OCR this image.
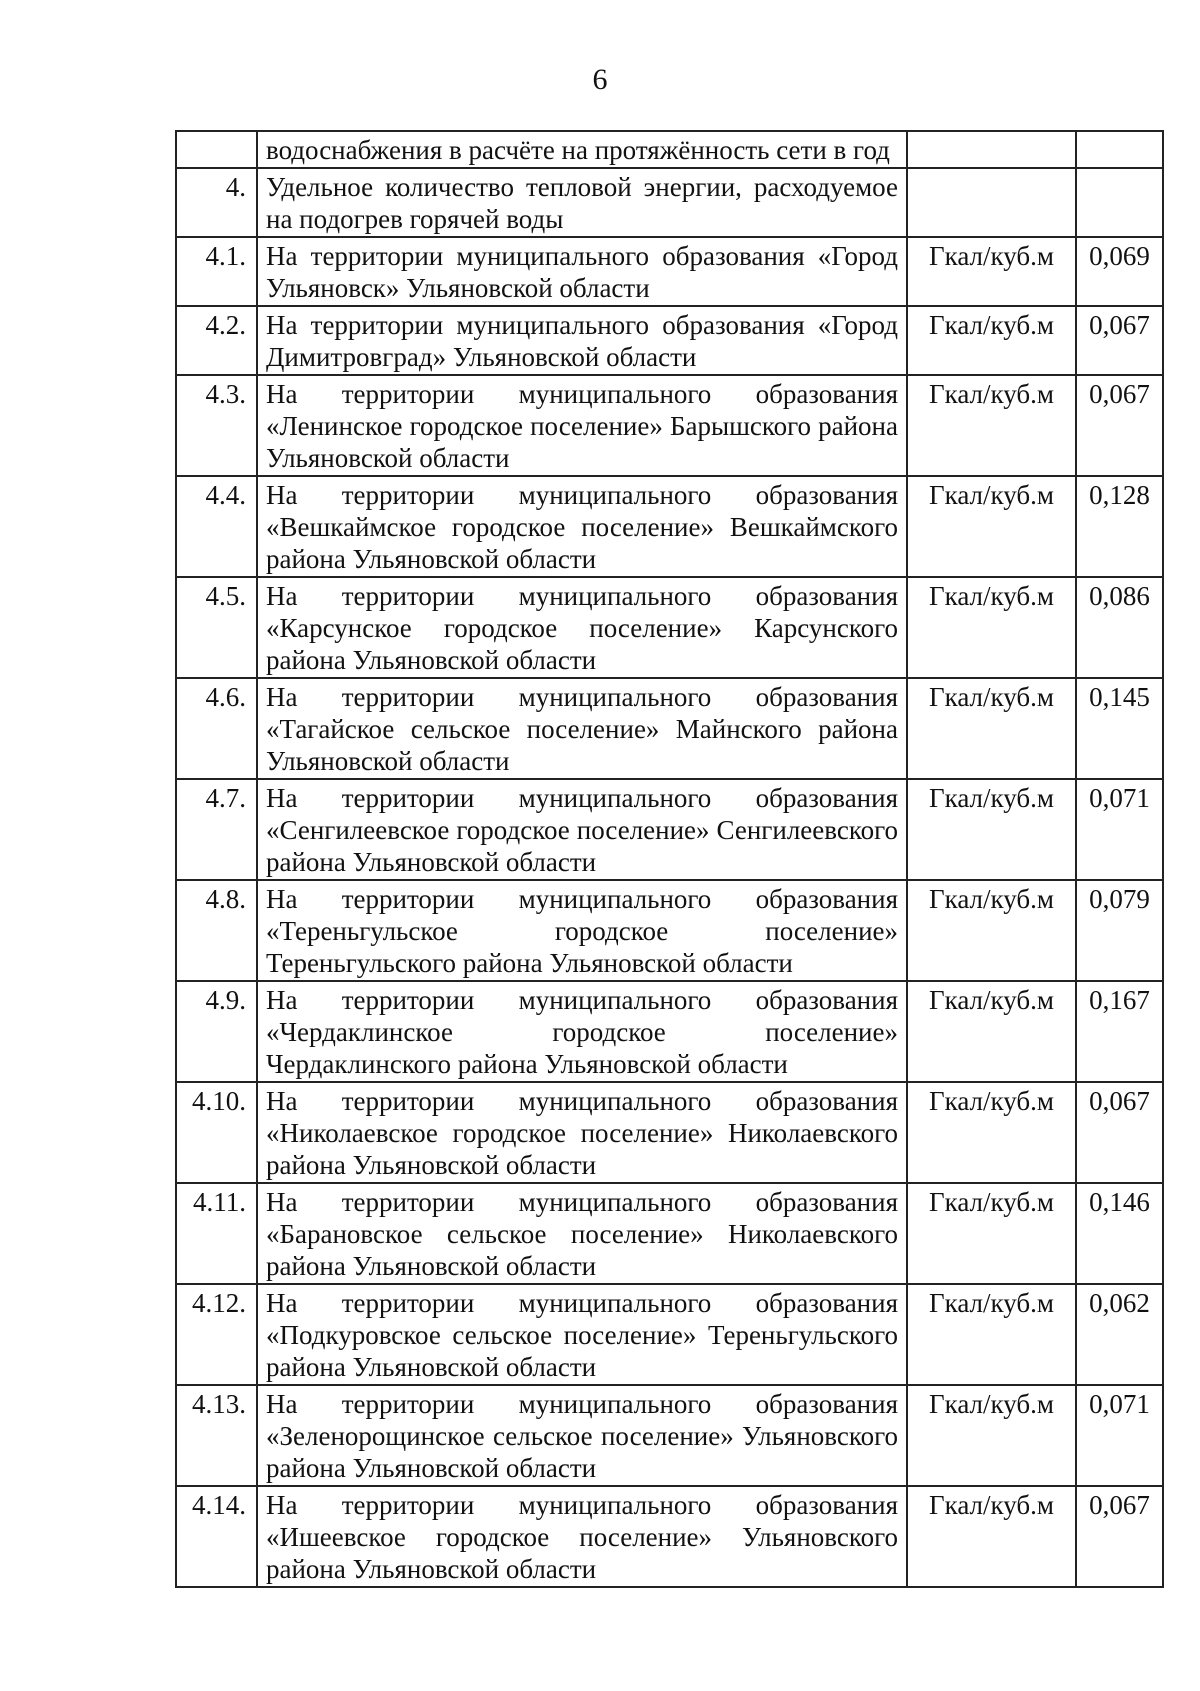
6
	водоснабжения в расчёте на протяжённость сети в год		
4.	Удельное количество тепловой энергии, расходуемое на подогрев горячей воды		
4.1.	На территории муниципального образования «Город Ульяновск» Ульяновской области	Гкал/куб.м	0,069
4.2.	На территории муниципального образования «Город Димитровград» Ульяновской области	Гкал/куб.м	0,067
4.3.	На территории муниципального образования «Ленинское городское поселение» Барышского района Ульяновской области	Гкал/куб.м	0,067
4.4.	На территории муниципального образования «Вешкаймское городское поселение» Вешкаймского района Ульяновской области	Гкал/куб.м	0,128
4.5.	На территории муниципального образования «Карсунское городское поселение» Карсунского района Ульяновской области	Гкал/куб.м	0,086
4.6.	На территории муниципального образования «Тагайское сельское поселение» Майнского района Ульяновской области	Гкал/куб.м	0,145
4.7.	На территории муниципального образования «Сенгилеевское городское поселение» Сенгилеевского района Ульяновской области	Гкал/куб.м	0,071
4.8.	На территории муниципального образования «Тереньгульское городское поселение» Тереньгульского района Ульяновской области	Гкал/куб.м	0,079
4.9.	На территории муниципального образования «Чердаклинское городское поселение» Чердаклинского района Ульяновской области	Гкал/куб.м	0,167
4.10.	На территории муниципального образования «Николаевское городское поселение» Николаевского района Ульяновской области	Гкал/куб.м	0,067
4.11.	На территории муниципального образования «Барановское сельское поселение» Николаевского района Ульяновской области	Гкал/куб.м	0,146
4.12.	На территории муниципального образования «Подкуровское сельское поселение» Тереньгульского района Ульяновской области	Гкал/куб.м	0,062
4.13.	На территории муниципального образования «Зеленорощинское сельское поселение» Ульяновского района Ульяновской области	Гкал/куб.м	0,071
4.14.	На территории муниципального образования «Ишеевское городское поселение» Ульяновского района Ульяновской области	Гкал/куб.м	0,067
